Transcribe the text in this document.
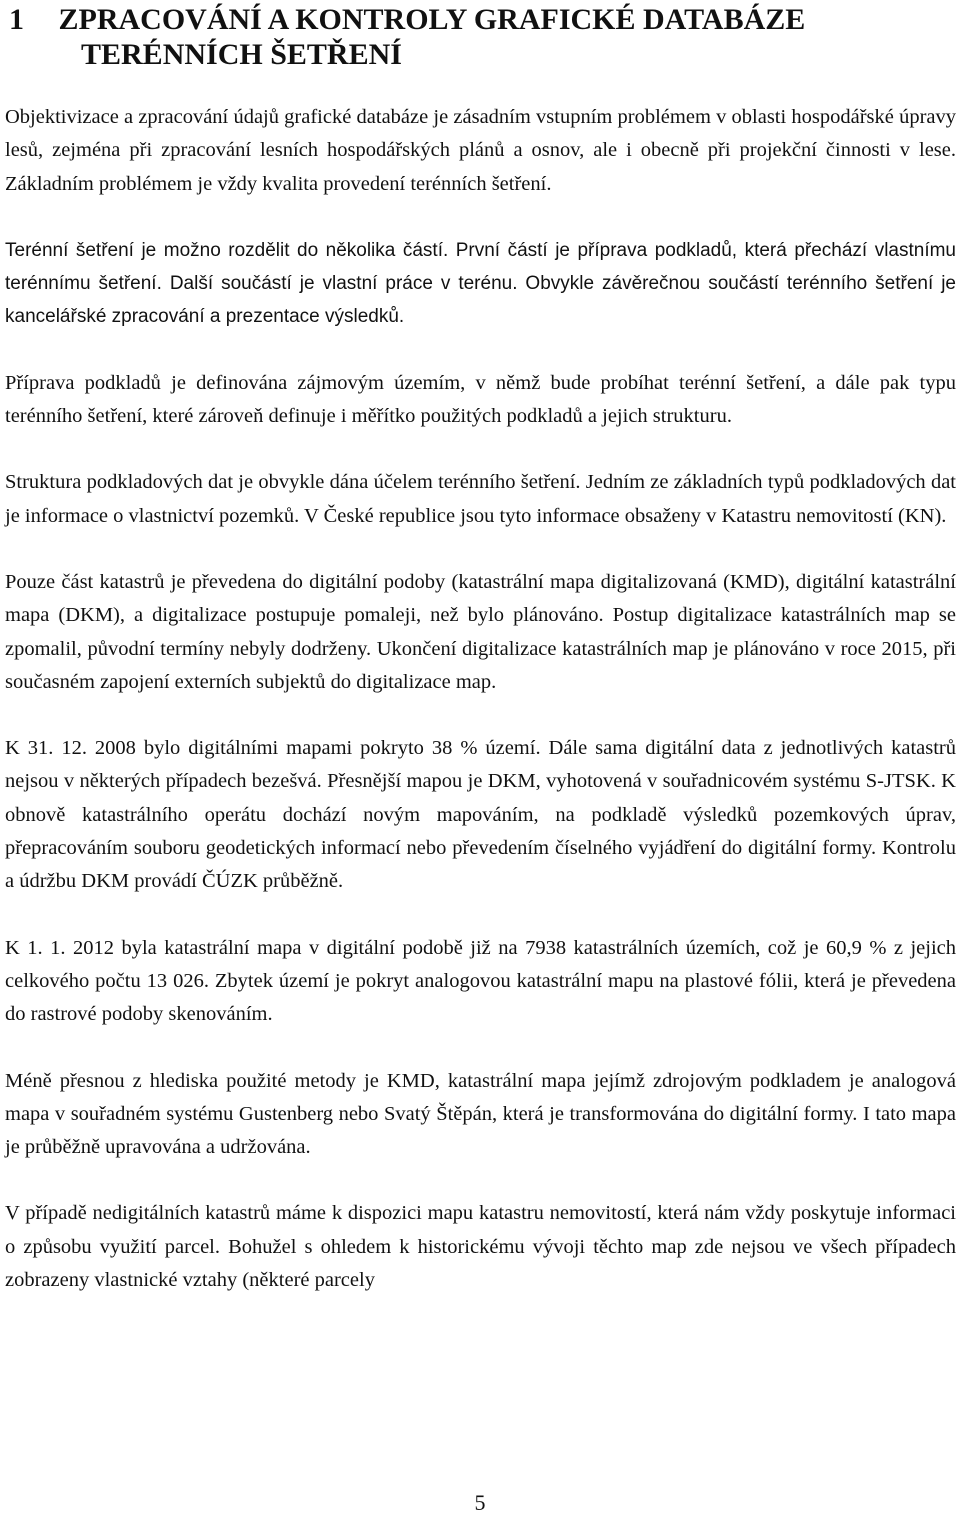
1 ZPRACOVÁNÍ A KONTROLY GRAFICKÉ DATABÁZE
TERÉNNÍCH ŠETŘENÍ

Objektivizace a zpracování údajů grafické databáze je zásadním vstupním problémem v oblasti hospodářské úpravy lesů, zejména při zpracování lesních hospodářských plánů a osnov, ale i obecně při projekční činnosti v lese. Základním problémem je vždy kvalita provedení terénních šetření.

Terénní šetření je možno rozdělit do několika částí. První částí je příprava podkladů, která přechází vlastnímu terénnímu šetření. Další součástí je vlastní práce v terénu. Obvykle závěrečnou součástí terénního šetření je kancelářské zpracování a prezentace výsledků.

Příprava podkladů je definována zájmovým územím, v němž bude probíhat terénní šetření, a dále pak typu terénního šetření, které zároveň definuje i měřítko použitých podkladů a jejich strukturu.

Struktura podkladových dat je obvykle dána účelem terénního šetření. Jedním ze základních typů podkladových dat je informace o vlastnictví pozemků. V České republice jsou tyto informace obsaženy v Katastru nemovitostí (KN).

Pouze část katastrů je převedena do digitální podoby (katastrální mapa digitalizovaná (KMD), digitální katastrální mapa (DKM), a digitalizace postupuje pomaleji, než bylo plánováno. Postup digitalizace katastrálních map se zpomalil, původní termíny nebyly dodrženy. Ukončení digitalizace katastrálních map je plánováno v roce 2015, při současném zapojení externích subjektů do digitalizace map.

K 31. 12. 2008 bylo digitálními mapami pokryto 38 % území. Dále sama digitální data z jednotlivých katastrů nejsou v některých případech bezešvá. Přesnější mapou je DKM, vyhotovená v souřadnicovém systému S-JTSK. K obnově katastrálního operátu dochází novým mapováním, na podkladě výsledků pozemkových úprav, přepracováním souboru geodetických informací nebo převedením číselného vyjádření do digitální formy. Kontrolu a údržbu DKM provádí ČÚZK průběžně.

K 1. 1. 2012 byla katastrální mapa v digitální podobě již na 7938 katastrálních územích, což je 60,9 % z jejich celkového počtu 13 026. Zbytek území je pokryt analogovou katastrální mapu na plastové fólii, která je převedena do rastrové podoby skenováním.

Méně přesnou z hlediska použité metody je KMD, katastrální mapa jejímž zdrojovým podkladem je analogová mapa v souřadném systému Gustenberg nebo Svatý Štěpán, která je transformována do digitální formy. I tato mapa je průběžně upravována a udržována.

V případě nedigitálních katastrů máme k dispozici mapu katastru nemovitostí, která nám vždy poskytuje informaci o způsobu využití parcel. Bohužel s ohledem k historickému vývoji těchto map zde nejsou ve všech případech zobrazeny vlastnické vztahy (některé parcely

5
